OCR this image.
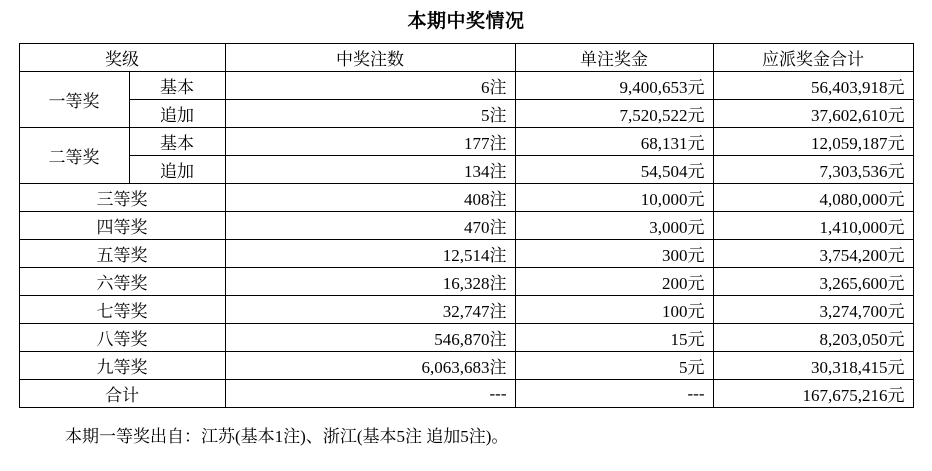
本期中奖情况
奖级		中奖注数	单注奖金	应派奖金合计
一等奖	基本	6注	9,400,653元	56,403,918元
	追加	5注	7,520,522元	37,602,610元
二等奖	基本	177注	68,131元	12,059,187元
	追加	134注	54,504元	7,303,536元
三等奖		408注	10,000元	4,080,000元
四等奖		470注	3,000元	1,410,000元
五等奖		12,514注	300元	3,754,200元
六等奖		16,328注	200元	3,265,600元
七等奖		32,747注	100元	3,274,700元
八等奖		546,870注	15元	8,203,050元
九等奖		6,063,683注	5元	30,318,415元
合计		---	---	167,675,216元
本期一等奖出自：江苏(基本1注)、浙江(基本5注 追加5注)。
